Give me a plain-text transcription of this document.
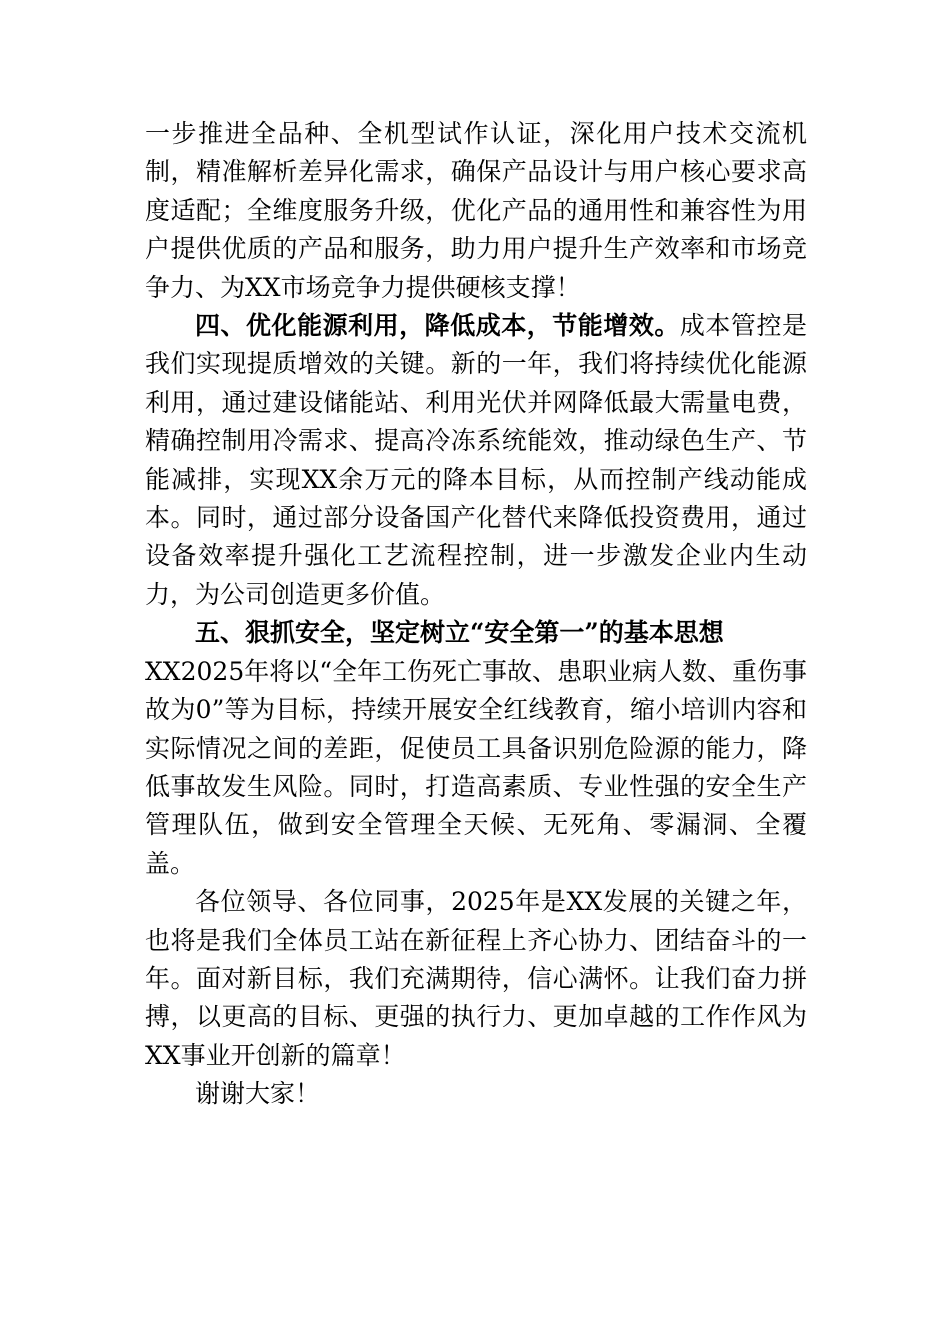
一步推进全品种、全机型试作认证，深化用户技术交流机制，精准解析差异化需求，确保产品设计与用户核心要求高度适配；全维度服务升级，优化产品的通用性和兼容性为用户提供优质的产品和服务，助力用户提升生产效率和市场竞争力、为XX市场竞争力提供硬核支撑！

四、优化能源利用，降低成本，节能增效。成本管控是我们实现提质增效的关键。新的一年，我们将持续优化能源利用，通过建设储能站、利用光伏并网降低最大需量电费，精确控制用冷需求、提高冷冻系统能效，推动绿色生产、节能减排，实现XX余万元的降本目标，从而控制产线动能成本。同时，通过部分设备国产化替代来降低投资费用，通过设备效率提升强化工艺流程控制，进一步激发企业内生动力，为公司创造更多价值。

五、狠抓安全，坚定树立“安全第一”的基本思想
XX2025年将以“全年工伤死亡事故、患职业病人数、重伤事故为0”等为目标，持续开展安全红线教育，缩小培训内容和实际情况之间的差距，促使员工具备识别危险源的能力，降低事故发生风险。同时，打造高素质、专业性强的安全生产管理队伍，做到安全管理全天候、无死角、零漏洞、全覆盖。

各位领导、各位同事，2025年是XX发展的关键之年，也将是我们全体员工站在新征程上齐心协力、团结奋斗的一年。面对新目标，我们充满期待，信心满怀。让我们奋力拼搏，以更高的目标、更强的执行力、更加卓越的工作作风为XX事业开创新的篇章！

谢谢大家！
